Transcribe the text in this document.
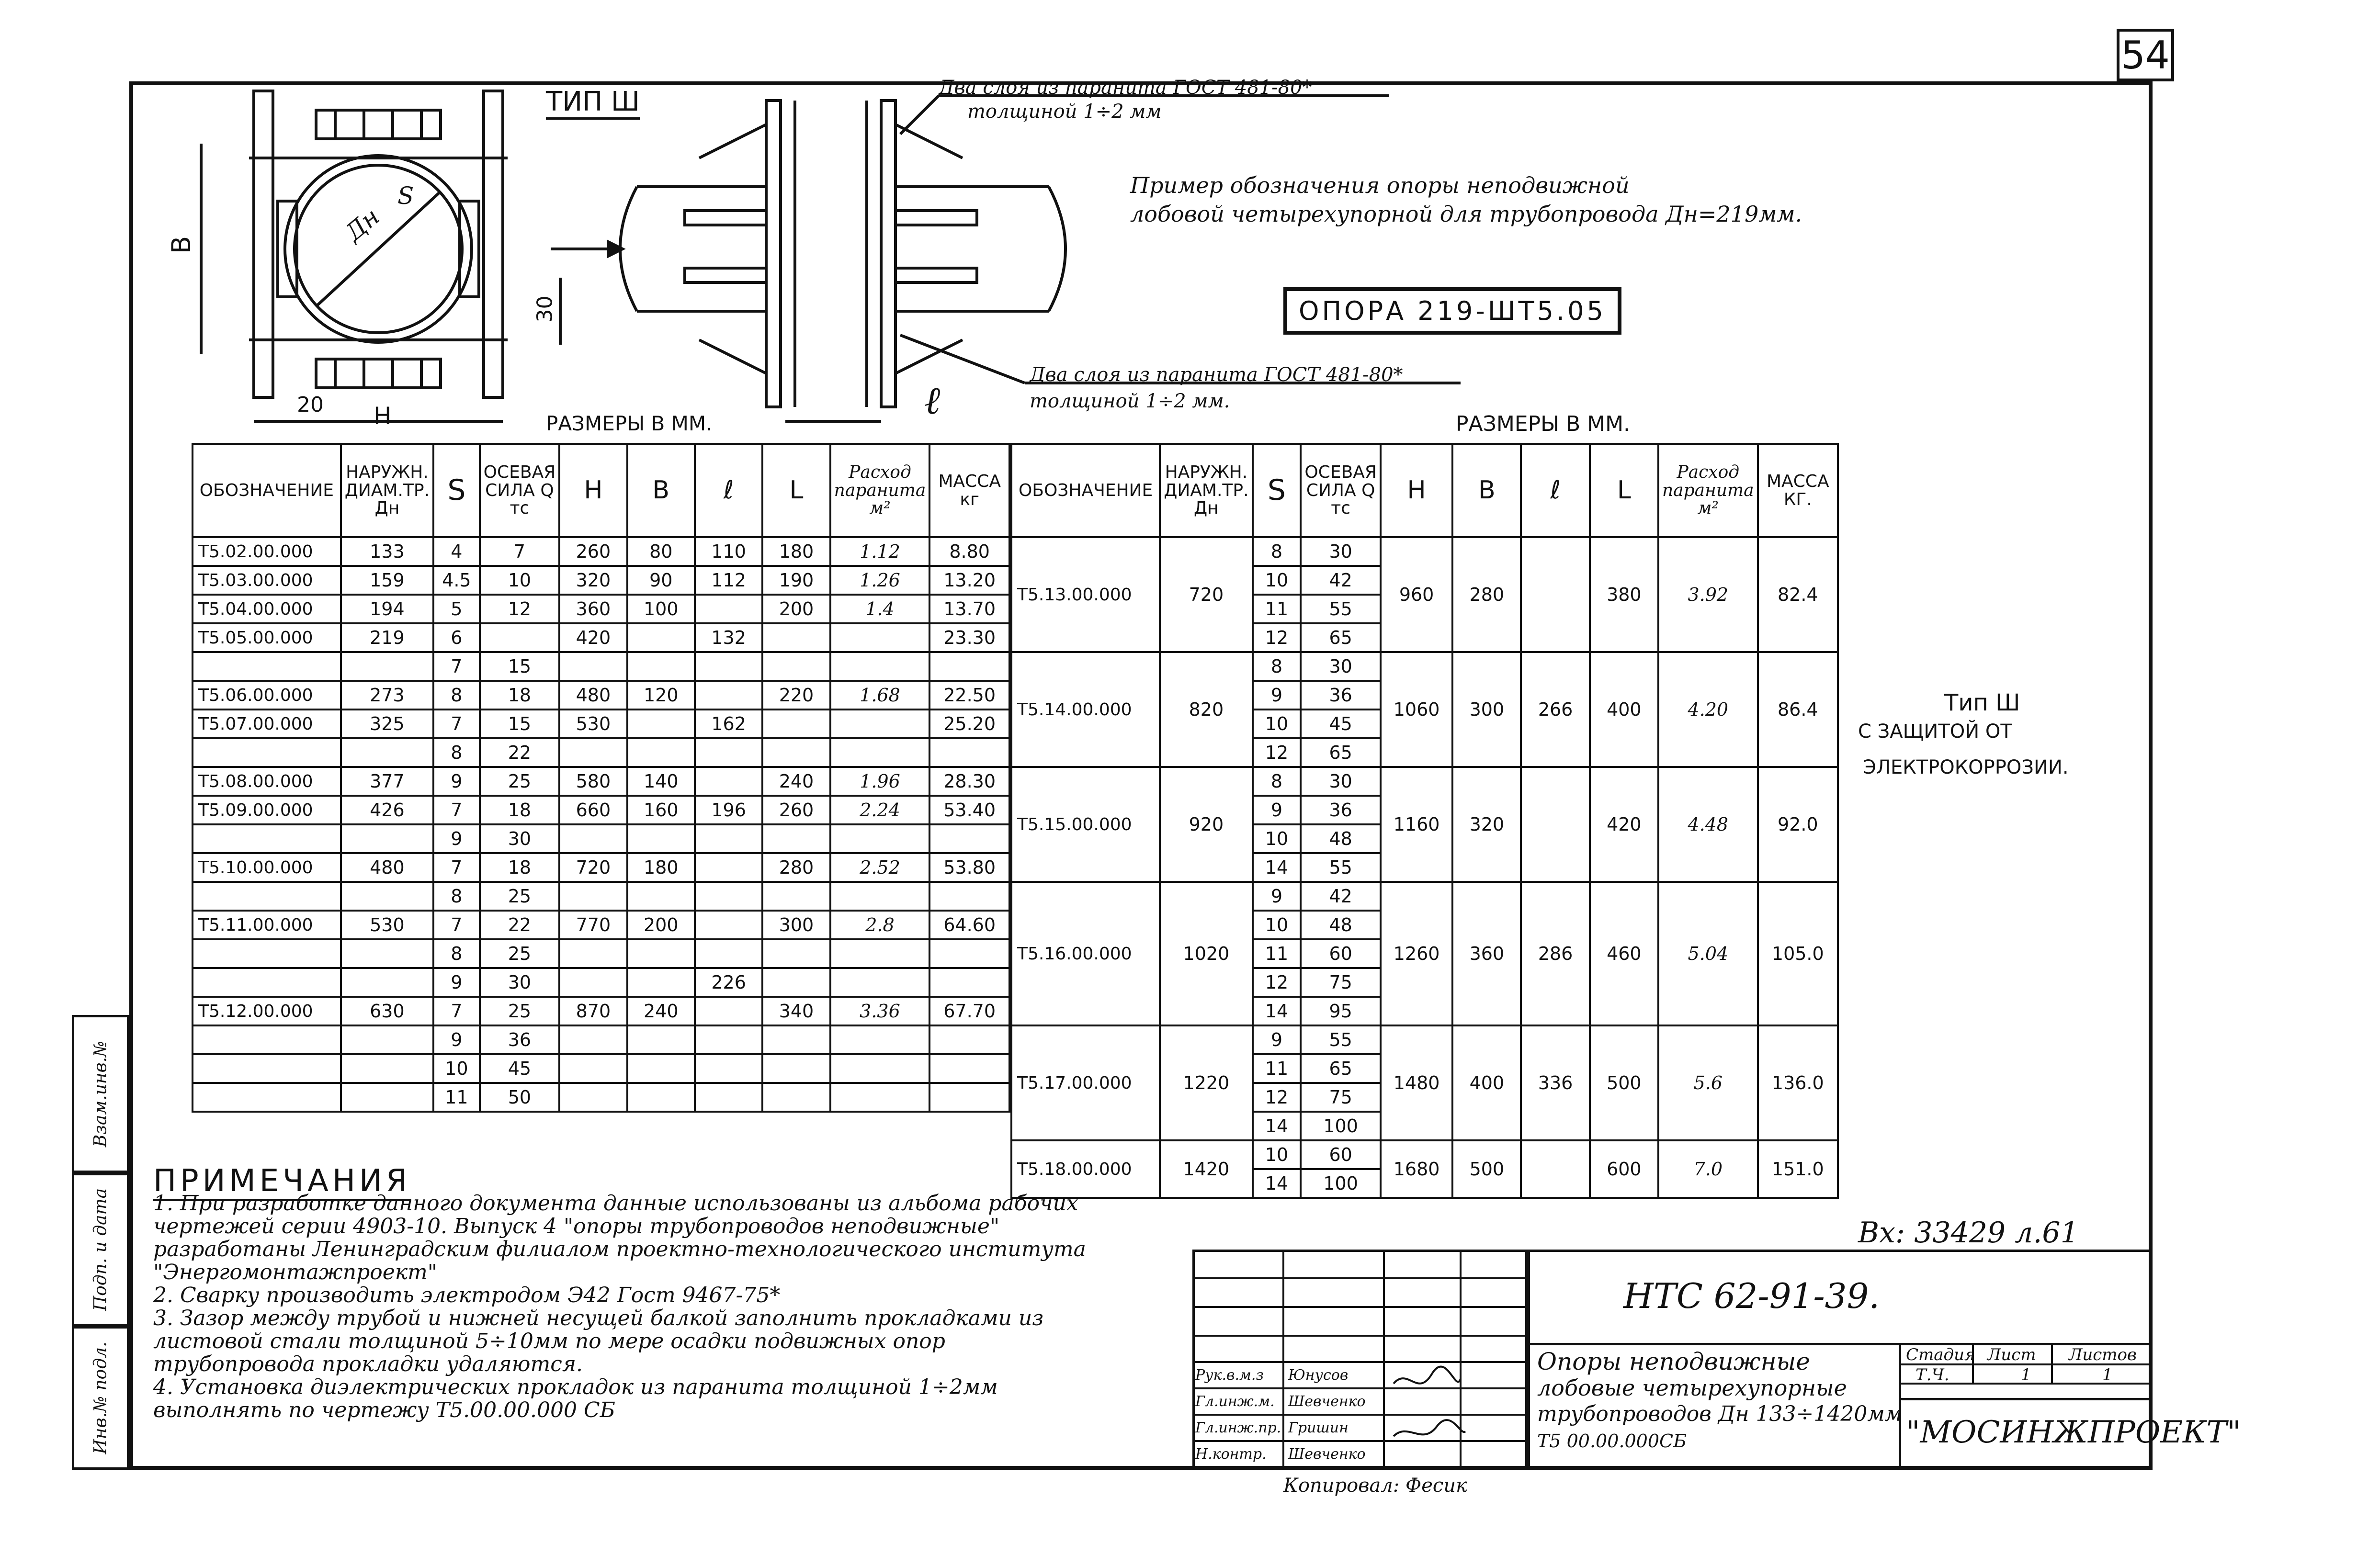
54
В	Дн
S
30
20 Н	ℓ
ТИП Ш	Два слоя из паранита ГОСТ 481-80*
толщиной 1÷2 мм
Два слоя из паранита ГОСТ 481-80*
толщиной 1÷2 мм.
Пример обозначения опоры неподвижной
лобовой четырехупорной для трубопровода Дн=219мм.
ОПОРА 219-ШТ5.05
РАЗМЕРЫ В ММ.	РАЗМЕРЫ В ММ.
ОБОЗНАЧЕНИЕ	НАРУЖН. ДИАМ.ТР. Дн	S	ОСЕВАЯ СИЛА Q тс	Н	В	ℓ	L	Расход паранита м²	МАССА кг
Т5.02.00.000	133	4	7	260	80	110	180	1.12	8.80
Т5.03.00.000	159	4.5	10	320	90	112	190	1.26	13.20
Т5.04.00.000	194	5	12	360	100		200	1.4	13.70
Т5.05.00.000	219	6		420		132			23.30
		7	15						
Т5.06.00.000	273	8	18	480	120		220	1.68	22.50
Т5.07.00.000	325	7	15	530		162			25.20
		8	22						
Т5.08.00.000	377	9	25	580	140		240	1.96	28.30
Т5.09.00.000	426	7	18	660	160	196	260	2.24	53.40
		9	30						
Т5.10.00.000	480	7	18	720	180		280	2.52	53.80
		8	25						
Т5.11.00.000	530	7	22	770	200		300	2.8	64.60
		8	25						
		9	30			226			
Т5.12.00.000	630	7	25	870	240		340	3.36	67.70
		9	36						
		10	45						
		11	50						
ОБОЗНАЧЕНИЕ	НАРУЖН. ДИАМ.ТР. Дн	S	ОСЕВАЯ СИЛА Q тс	Н	В	ℓ	L	Расход паранита м²	МАССА КГ.
Т5.13.00.000	720	8	30	960	280		380	3.92	82.4
		10	42						
		11	55						
		12	65						
Т5.14.00.000	820	8	30	1060	300	266	400	4.20	86.4
		9	36						
		10	45						
		12	65						
Т5.15.00.000	920	8	30	1160	320		420	4.48	92.0
		9	36						
		10	48						
		14	55						
Т5.16.00.000	1020	9	42	1260	360	286	460	5.04	105.0
		10	48						
		11	60						
		12	75						
		14	95						
Т5.17.00.000	1220	9	55	1480	400	336	500	5.6	136.0
		11	65						
		12	75						
		14	100						
Т5.18.00.000	1420	10	60	1680	500		600	7.0	151.0
		14	100						
Тип Ш
С ЗАЩИТОЙ ОТ
ЭЛЕКТРОКОРРОЗИИ.
Вх: 33429 л.61
ПРИМЕЧАНИЯ
1. При разработке данного документа данные использованы из альбома рабочих чертежей серии 4903-10. Выпуск 4 "опоры трубопроводов неподвижные" разработаны Ленинградским филиалом проектно-технологического института "Энергомонтажпроект"
2. Сварку производить электродом Э42 Гост 9467-75*
3. Зазор между трубой и нижней несущей балкой заполнить прокладками из листовой стали толщиной 5÷10мм по мере осадки подвижных опор трубопровода прокладки удаляются.
4. Установка диэлектрических прокладок из паранита толщиной 1÷2мм выполнять по чертежу Т5.00.00.000 СБ
Взам.инв.№
Подп. и дата
Инв.№ подл.	Рук.в.м.з Юнусов
Гл.инж.м. Шевченко
Гл.инж.пр. Гришин
Н.контр. Шевченко
НТС 62-91-39.
Опоры неподвижные
лобовые четырехупорные
трубопроводов Дн 133÷1420мм
Т5 00.00.000СБ
Стадия Лист Листов
Т.Ч.	1	1
"МОСИНЖПРОЕКТ"
Копировал: Фесик
